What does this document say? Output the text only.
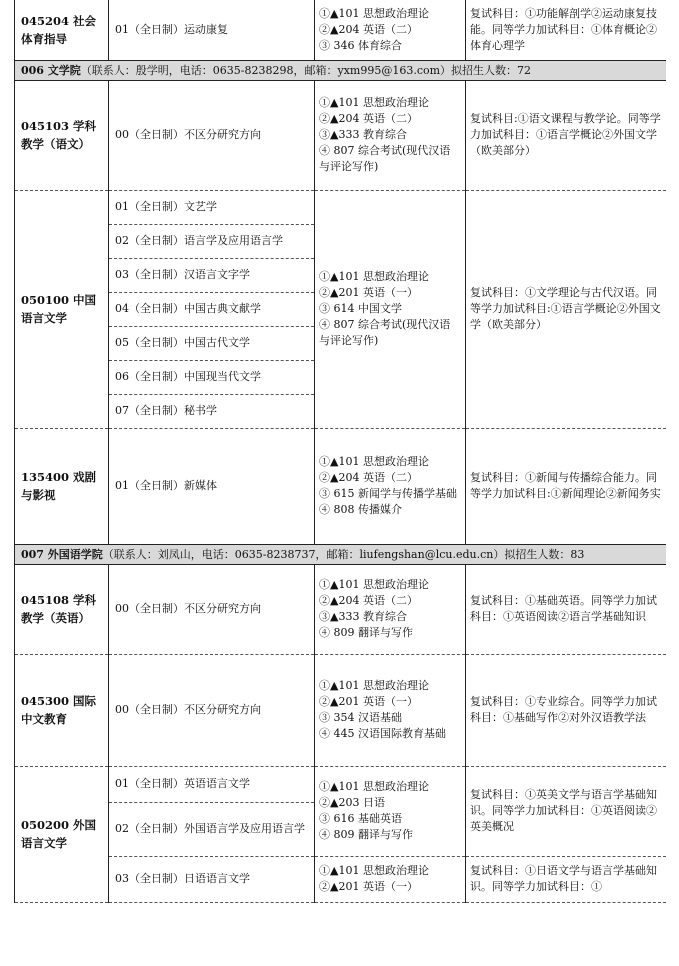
045204 社会体育指导	01（全日制）运动康复	①▲101 思想政治理论
②▲204 英语（二）
③ 346 体育综合	复试科目：①功能解剖学②运动康复技能。同等学力加试科目：①体育概论②体育心理学
006 文学院（联系人：殷学明，电话：0635-8238298，邮箱：yxm995@163.com）拟招生人数：72			
045103 学科教学（语文）	00（全日制）不区分研究方向	①▲101 思想政治理论
②▲204 英语（二）
③▲333 教育综合
④ 807 综合考试(现代汉语与评论写作)	复试科目:①语文课程与教学论。同等学力加试科目：①语言学概论②外国文学（欧美部分）
050100 中国语言文学	01（全日制）文艺学	①▲101 思想政治理论
②▲201 英语（一）
③ 614 中国文学
④ 807 综合考试(现代汉语与评论写作)	复试科目：①文学理论与古代汉语。同等学力加试科目:①语言学概论②外国文学（欧美部分）
	02（全日制）语言学及应用语言学		
	03（全日制）汉语言文字学		
	04（全日制）中国古典文献学		
	05（全日制）中国古代文学		
	06（全日制）中国现当代文学		
	07（全日制）秘书学		
135400 戏剧与影视	01（全日制）新媒体	①▲101 思想政治理论
②▲204 英语（二）
③ 615 新闻学与传播学基础
④ 808 传播媒介	复试科目：①新闻与传播综合能力。同等学力加试科目:①新闻理论②新闻务实
007 外国语学院（联系人：刘凤山，电话：0635-8238737，邮箱：liufengshan@lcu.edu.cn）拟招生人数：83			
045108 学科教学（英语）	00（全日制）不区分研究方向	①▲101 思想政治理论
②▲204 英语（二）
③▲333 教育综合
④ 809 翻译与写作	复试科目：①基础英语。同等学力加试科目：①英语阅读②语言学基础知识
045300 国际中文教育	00（全日制）不区分研究方向	①▲101 思想政治理论
②▲201 英语（一）
③ 354 汉语基础
④ 445 汉语国际教育基础	复试科目：①专业综合。同等学力加试科目：①基础写作②对外汉语教学法
050200 外国语言文学	01（全日制）英语语言文学	①▲101 思想政治理论
②▲203 日语
③ 616 基础英语
④ 809 翻译与写作	复试科目：①英美文学与语言学基础知识。同等学力加试科目：①英语阅读②英美概况
	02（全日制）外国语言学及应用语言学		
	03（全日制）日语语言文学	①▲101 思想政治理论
②▲201 英语（一）	复试科目：①日语文学与语言学基础知识。同等学力加试科目：①
